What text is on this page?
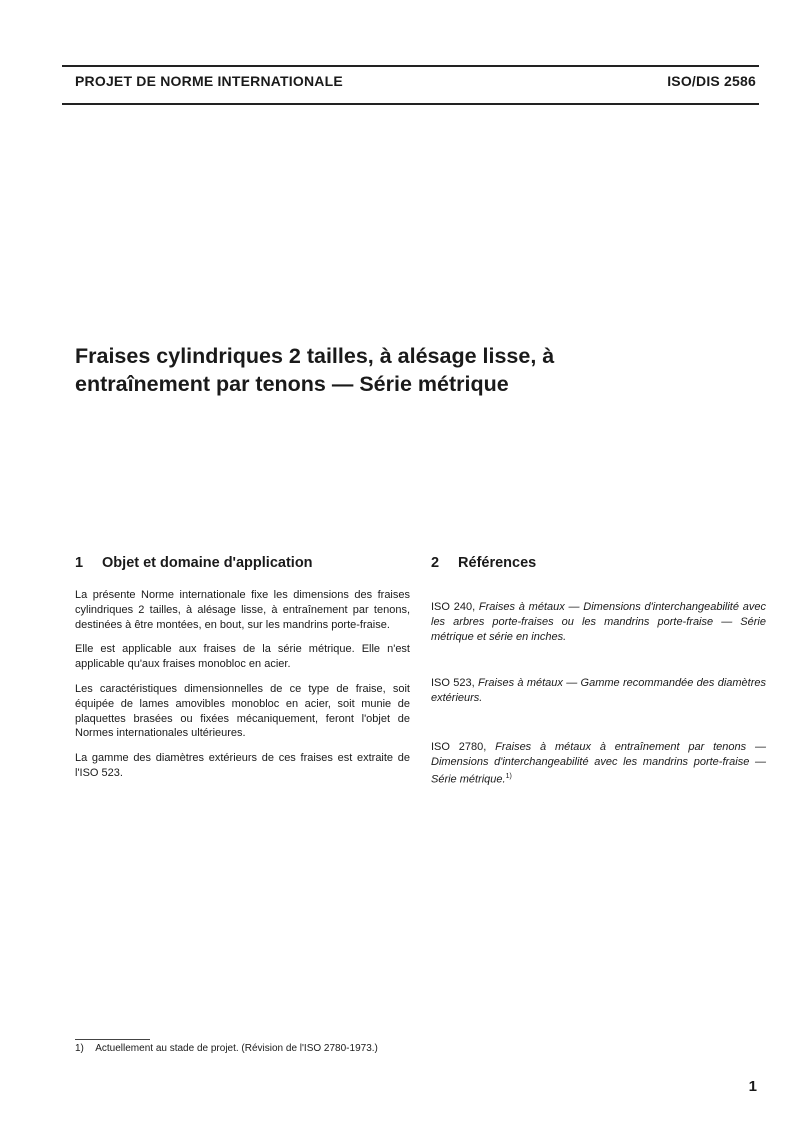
PROJET DE NORME INTERNATIONALE	ISO/DIS 2586
Fraises cylindriques 2 tailles, à alésage lisse, à
entraînement par tenons — Série métrique
1 Objet et domaine d'application

La présente Norme internationale fixe les dimensions des fraises cylindriques 2 tailles, à alésage lisse, à entraînement par tenons, destinées à être montées, en bout, sur les mandrins porte-fraise.

Elle est applicable aux fraises de la série métrique. Elle n'est applicable qu'aux fraises monobloc en acier.

Les caractéristiques dimensionnelles de ce type de fraise, soit équipée de lames amovibles monobloc en acier, soit munie de plaquettes brasées ou fixées mécaniquement, feront l'objet de Normes internationales ultérieures.

La gamme des diamètres extérieurs de ces fraises est extraite de l'ISO 523.

2 Références

ISO 240, Fraises à métaux — Dimensions d'interchangeabilité avec les arbres porte-fraises ou les mandrins porte-fraise — Série métrique et série en inches.

ISO 523, Fraises à métaux — Gamme recommandée des diamètres extérieurs.

ISO 2780, Fraises à métaux à entraînement par tenons — Dimensions d'interchangeabilité avec les mandrins porte-fraise — Série métrique.$^{1)}$

1) Actuellement au stade de projet. (Révision de l'ISO 2780-1973.)
1
